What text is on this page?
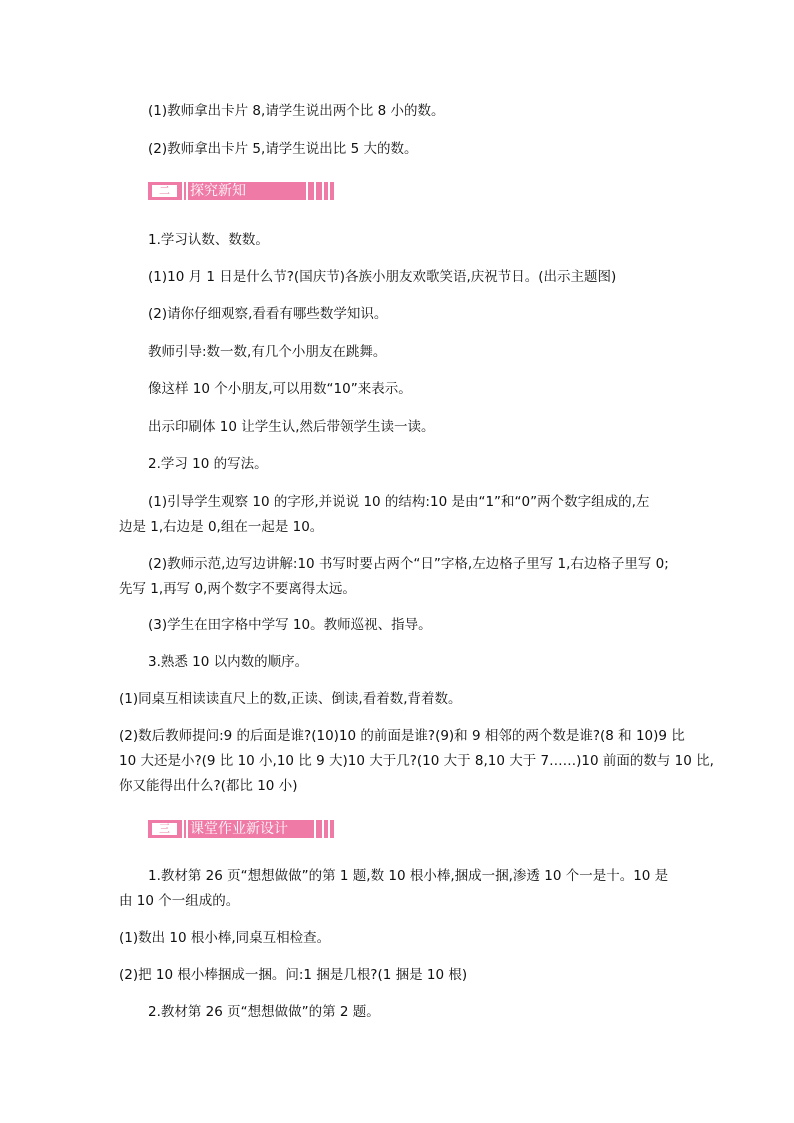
(1)教师拿出卡片 8,请学生说出两个比 8 小的数。
(2)教师拿出卡片 5,请学生说出比 5 大的数。
二	探究新知
1.学习认数、数数。
(1)10 月 1 日是什么节?(国庆节)各族小朋友欢歌笑语,庆祝节日。(出示主题图)
(2)请你仔细观察,看看有哪些数学知识。
教师引导:数一数,有几个小朋友在跳舞。
像这样 10 个小朋友,可以用数“10”来表示。
出示印刷体 10 让学生认,然后带领学生读一读。
2.学习 10 的写法。
(1)引导学生观察 10 的字形,并说说 10 的结构:10 是由“1”和“0”两个数字组成的,左
边是 1,右边是 0,组在一起是 10。
(2)教师示范,边写边讲解:10 书写时要占两个“日”字格,左边格子里写 1,右边格子里写 0;
先写 1,再写 0,两个数字不要离得太远。
(3)学生在田字格中学写 10。教师巡视、指导。
3.熟悉 10 以内数的顺序。
(1)同桌互相读读直尺上的数,正读、倒读,看着数,背着数。
(2)数后教师提问:9 的后面是谁?(10)10 的前面是谁?(9)和 9 相邻的两个数是谁?(8 和 10)9 比
10 大还是小?(9 比 10 小,10 比 9 大)10 大于几?(10 大于 8,10 大于 7……)10 前面的数与 10 比,
你又能得出什么?(都比 10 小)
三	课堂作业新设计
1.教材第 26 页“想想做做”的第 1 题,数 10 根小棒,捆成一捆,渗透 10 个一是十。10 是
由 10 个一组成的。
(1)数出 10 根小棒,同桌互相检查。
(2)把 10 根小棒捆成一捆。问:1 捆是几根?(1 捆是 10 根)
2.教材第 26 页“想想做做”的第 2 题。
